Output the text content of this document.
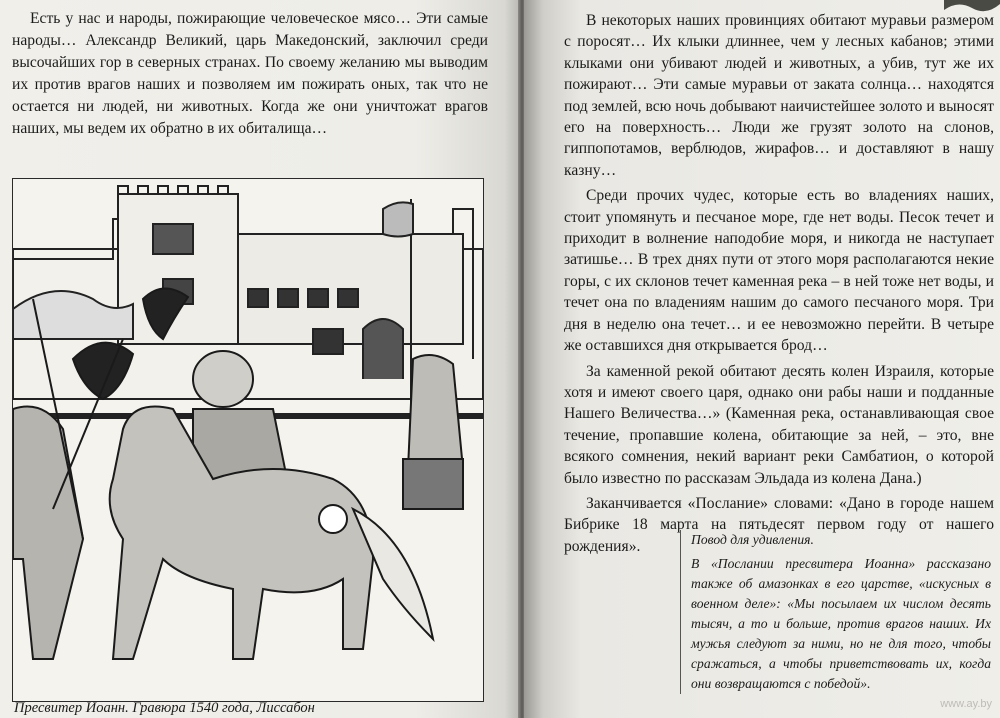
Есть у нас и народы, пожирающие человеческое мясо… Эти самые народы… Александр Великий, царь Македонский, заключил среди высочайших гор в северных странах. По своему желанию мы выводим их против врагов наших и позволяем им пожирать оных, так что не остается ни людей, ни животных. Когда же они уничтожат врагов наших, мы ведем их обратно в их обиталища…

Пресвитер Иоанн. Гравюра 1540 года, Лиссабон

В некоторых наших провинциях обитают муравьи размером с поросят… Их клыки длиннее, чем у лесных кабанов; этими клыками они убивают людей и животных, а убив, тут же их пожирают… Эти самые муравьи от заката солнца… находятся под землей, всю ночь добывают наичистейшее золото и выносят его на поверхность… Люди же грузят золото на слонов, гиппопотамов, верблюдов, жирафов… и доставляют в нашу казну…

Среди прочих чудес, которые есть во владениях наших, стоит упомянуть и песчаное море, где нет воды. Песок течет и приходит в волнение наподобие моря, и никогда не наступает затишье… В трех днях пути от этого моря располагаются некие горы, с их склонов течет каменная река – в ней тоже нет воды, и течет она по владениям нашим до самого песчаного моря. Три дня в неделю она течет… и ее невозможно перейти. В четыре же оставшихся дня открывается брод…

За каменной рекой обитают десять колен Израиля, которые хотя и имеют своего царя, однако они рабы наши и подданные Нашего Величества…» (Каменная река, останавливающая свое течение, пропавшие колена, обитающие за ней, – это, вне всякого сомнения, некий вариант реки Самбатион, о которой было известно по рассказам Эльдада из колена Дана.)

Заканчивается «Послание» словами: «Дано в городе нашем Бибрике 18 марта на пятьдесят первом году от нашего рождения».	Повод для удивления.

В «Послании пресвитера Иоанна» рассказано также об амазонках в его царстве, «искусных в военном деле»: «Мы посылаем их числом десять тысяч, а то и больше, против врагов наших. Их мужья следуют за ними, но не для того, чтобы сражаться, а чтобы приветствовать их, когда они возвращаются с победой».

www.ay.by
